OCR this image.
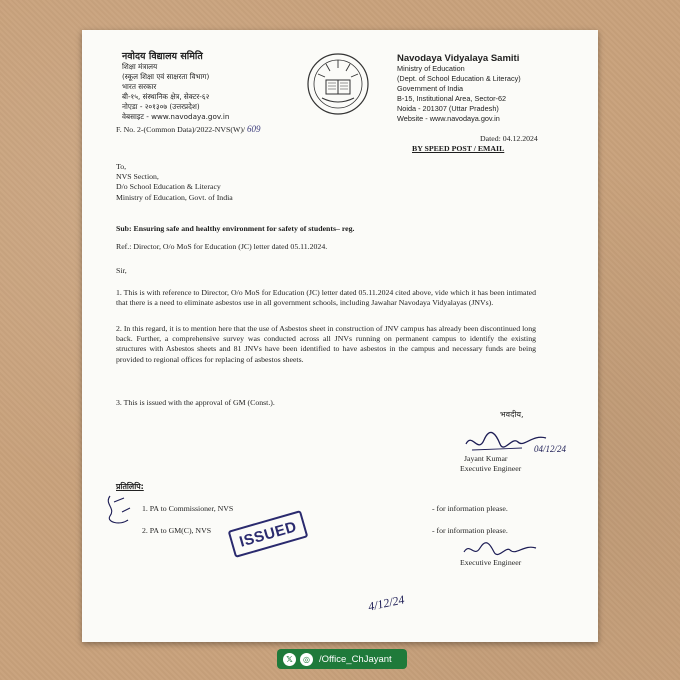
नवोदय विद्यालय समिति
शिक्षा मंत्रालय
(स्कूल शिक्षा एवं साक्षरता विभाग)
भारत सरकार
बी-१५, संस्थानिक क्षेत्र, सेक्टर-६२
नोएडा - २०१३०७ (उत्तरप्रदेश)
वेबसाइट - www.navodaya.gov.in
Navodaya Vidyalaya Samiti
Ministry of Education
(Dept. of School Education & Literacy)
Government of India
B-15, Institutional Area, Sector-62
Noida - 201307 (Uttar Pradesh)
Website - www.navodaya.gov.in
F. No. 2-(Common Data)/2022-NVS(W)/ 609
Dated: 04.12.2024
BY SPEED POST / EMAIL
To,
NVS Section,
D/o School Education & Literacy
Ministry of Education, Govt. of India
Sub: Ensuring safe and healthy environment for safety of students– reg.
Ref.: Director, O/o MoS for Education (JC) letter dated 05.11.2024.
Sir,
1. This is with reference to Director, O/o MoS for Education (JC) letter dated 05.11.2024 cited above, vide which it has been intimated that there is a need to eliminate asbestos use in all government schools, including Jawahar Navodaya Vidyalayas (JNVs).
2. In this regard, it is to mention here that the use of Asbestos sheet in construction of JNV campus has already been discontinued long back. Further, a comprehensive survey was conducted across all JNVs running on permanent campus to identify the existing structures with Asbestos sheets and 81 JNVs have been identified to have asbestos in the campus and necessary funds are being provided to regional offices for replacing of asbestos sheets.
3. This is issued with the approval of GM (Const.).
भवदीय,
04/12/24
Jayant Kumar
Executive Engineer
प्रतिलिपि:
1. PA to Commissioner, NVS	- for information please.
2. PA to GM(C), NVS	- for information please.
Executive Engineer
ISSUED
4/12/24
𝕏	◎ /Office_ChJayant
